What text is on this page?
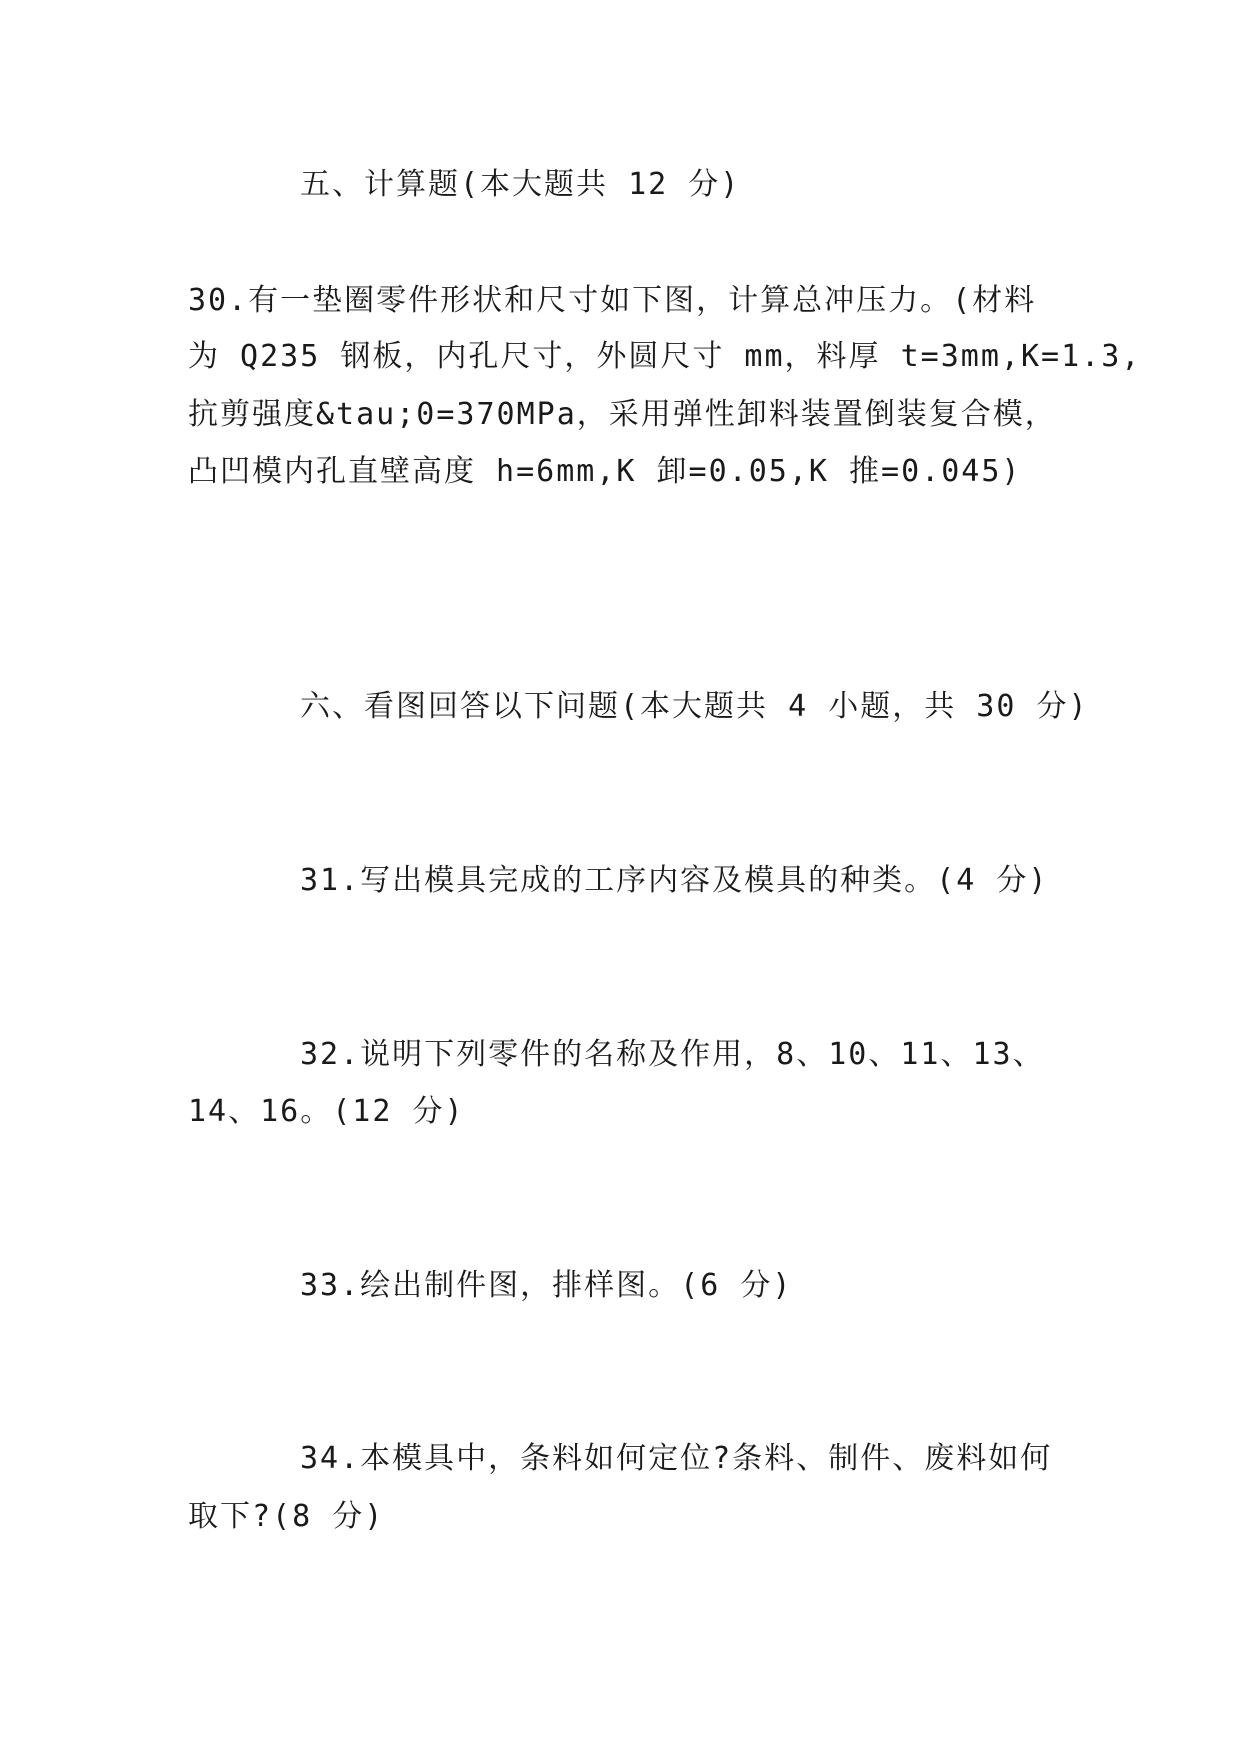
五、计算题(本大题共 12 分)
30.有一垫圈零件形状和尺寸如下图，计算总冲压力。(材料
为 Q235 钢板，内孔尺寸，外圆尺寸 mm，料厚 t=3mm,K=1.3,
抗剪强度&tau;0=370MPa，采用弹性卸料装置倒装复合模，
凸凹模内孔直壁高度 h=6mm,K 卸=0.05,K 推=0.045)
六、看图回答以下问题(本大题共 4 小题，共 30 分)
31.写出模具完成的工序内容及模具的种类。(4 分)
32.说明下列零件的名称及作用，8、10、11、13、
14、16。(12 分)
33.绘出制件图，排样图。(6 分)
34.本模具中，条料如何定位?条料、制件、废料如何
取下?(8 分)
